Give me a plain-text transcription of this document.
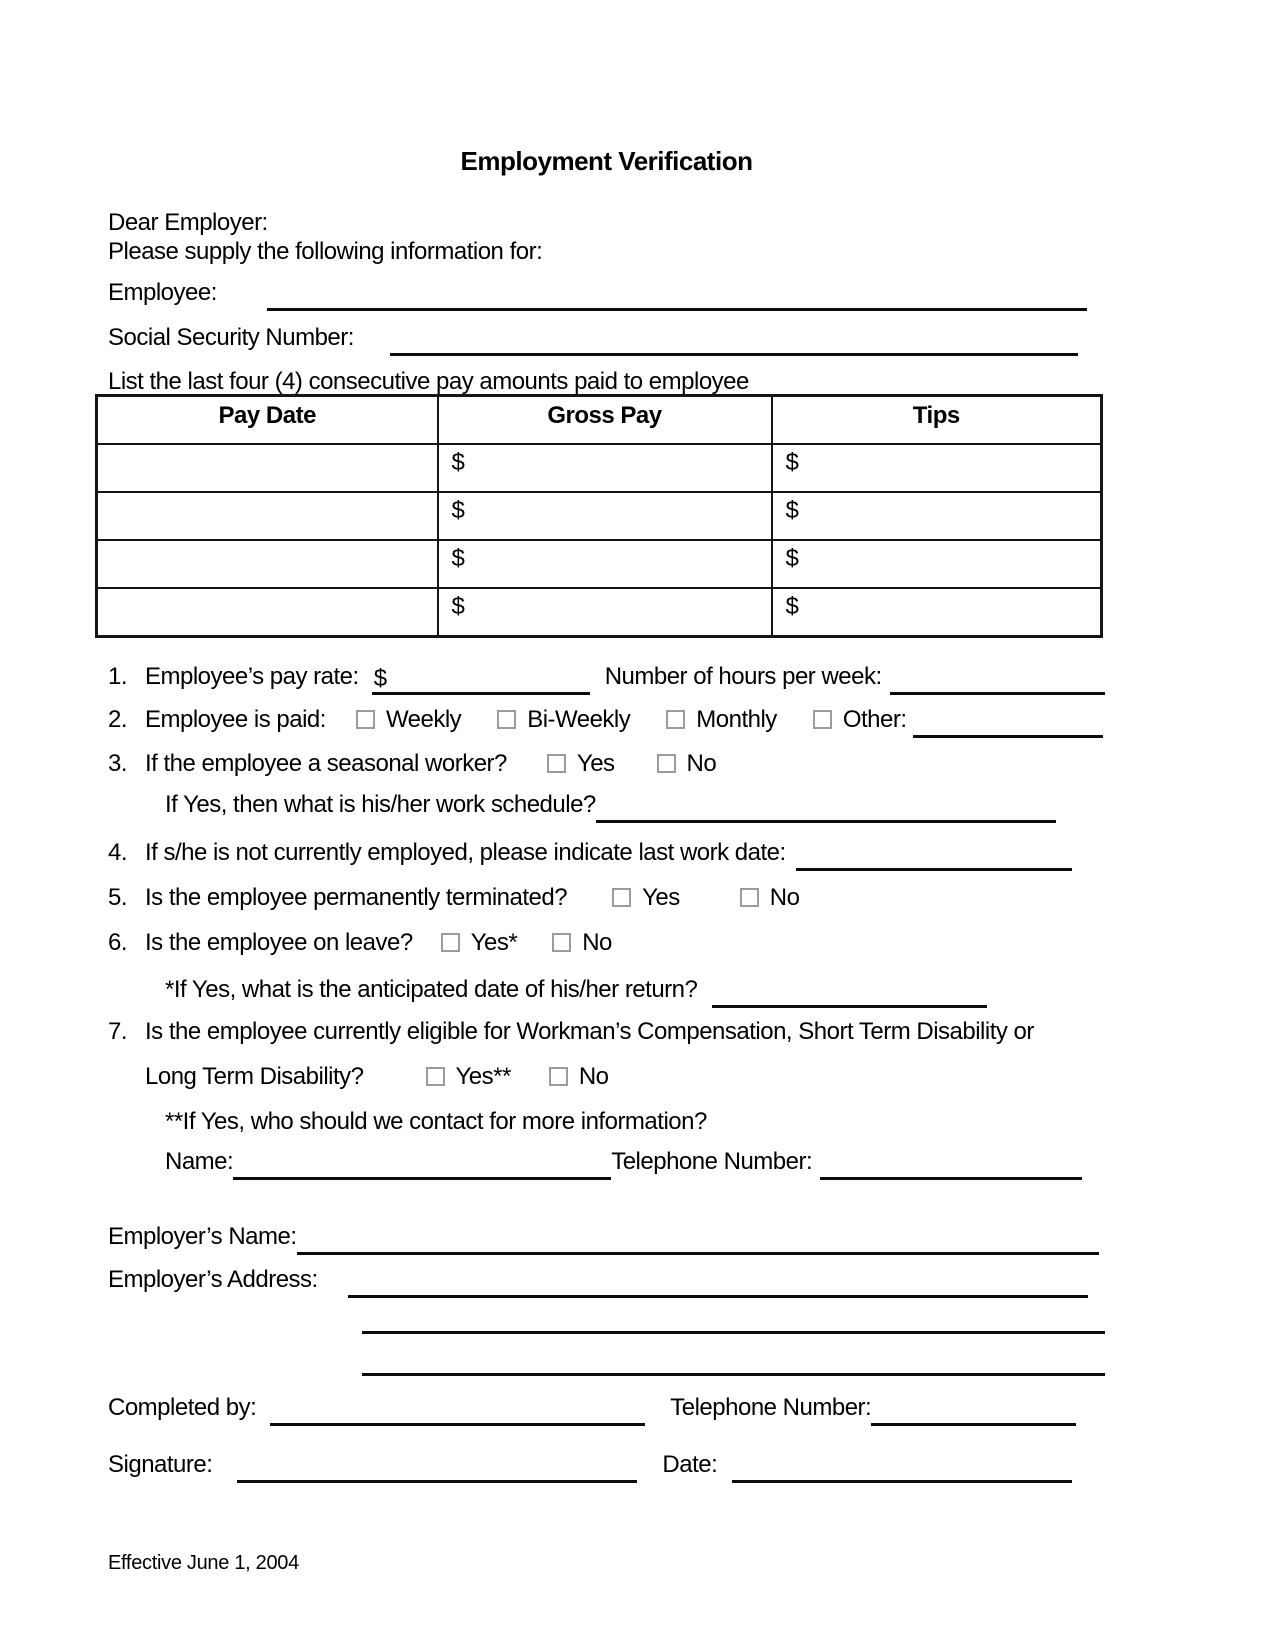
Employment Verification
Dear Employer:
Please supply the following information for:
Employee:
Social Security Number:
List the last four (4) consecutive pay amounts paid to employee
Pay Date	Gross Pay	Tips
	$	$
	$	$
	$	$
	$	$
1. Employee’s pay rate: $	Number of hours per week:
2. Employee is paid:	Weekly	Bi-Weekly	Monthly	Other:
3. If the employee a seasonal worker?	Yes	No
If Yes, then what is his/her work schedule?
4. If s/he is not currently employed, please indicate last work date:
5. Is the employee permanently terminated?	Yes	No
6. Is the employee on leave? Yes*	No
*If Yes, what is the anticipated date of his/her return?
7. Is the employee currently eligible for Workman’s Compensation, Short Term Disability or
Long Term Disability?	Yes**	No
**If Yes, who should we contact for more information?
Name:	Telephone Number:
Employer’s Name:
Employer’s Address:
Completed by:	Telephone Number:
Signature:	Date:
Effective June 1, 2004
